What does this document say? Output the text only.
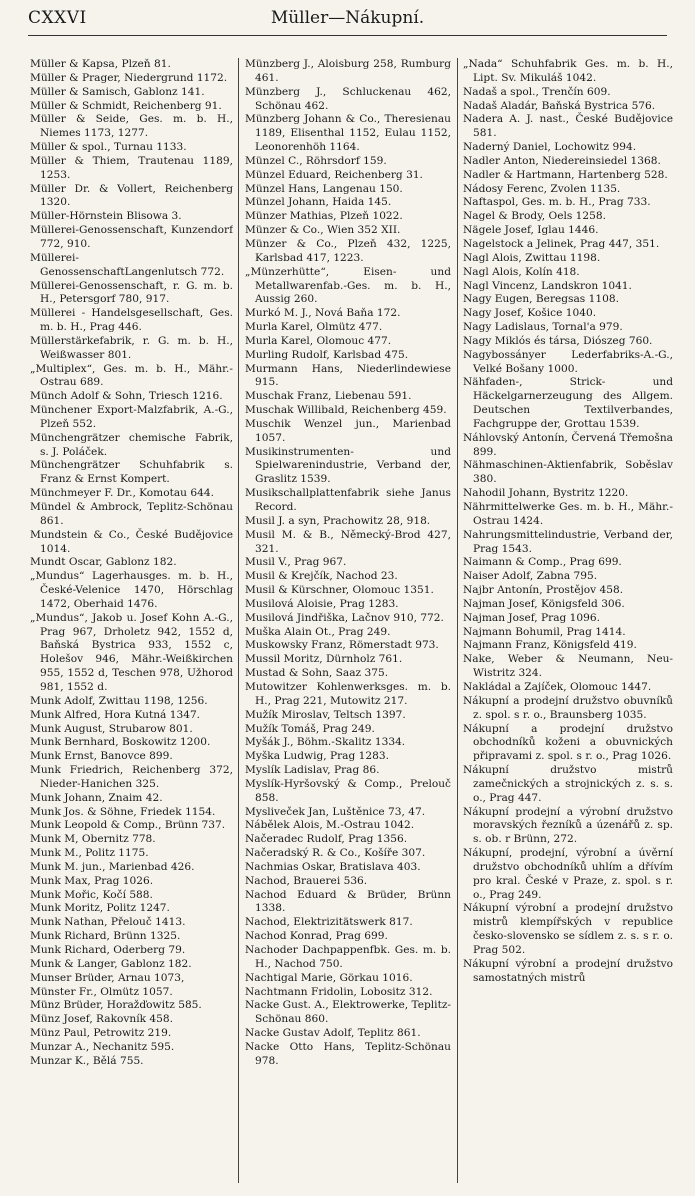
CXXVI	Müller—Nákupní.

Müller & Kapsa, Plzeň 81.

Müller & Prager, Niedergrund 1172.

Müller & Samisch, Gablonz 141.

Müller & Schmidt, Reichenberg 91.

Müller & Seide, Ges. m. b. H., Niemes 1173, 1277.

Müller & spol., Turnau 1133.

Müller & Thiem, Trautenau 1189, 1253.

Müller Dr. & Vollert, Reichenberg 1320.

Müller-Hörnstein Blisowa 3.

Müllerei-Genossenschaft, Kunzendorf 772, 910.

Müllerei-GenossenschaftLangenlutsch 772.

Müllerei-Genossenschaft, r. G. m. b. H., Petersgorf 780, 917.

Müllerei - Handelsgesellschaft, Ges. m. b. H., Prag 446.

Müllerstärkefabrik, r. G. m. b. H., Weißwasser 801.

„Multiplex“, Ges. m. b. H., Mähr.-Ostrau 689.

Münch Adolf & Sohn, Triesch 1216.

Münchener Export-Malzfabrik, A.-G., Plzeň 552.

Münchengrätzer chemische Fabrik, s. J. Poláček.

Münchengrätzer Schuhfabrik s. Franz & Ernst Kompert.

Münchmeyer F. Dr., Komotau 644.

Mündel & Ambrock, Teplitz-Schönau 861.

Mundstein & Co., České Budějovice 1014.

Mundt Oscar, Gablonz 182.

„Mundus“ Lagerhausges. m. b. H., České-Velenice 1470, Hörschlag 1472, Oberhaid 1476.

„Mundus“, Jakob u. Josef Kohn A.-G., Prag 967, Drholetz 942, 1552 d, Baňská Bystrica 933, 1552 c, Holešov 946, Mähr.-Weißkirchen 955, 1552 d, Teschen 978, Užhorod 981, 1552 d.

Munk Adolf, Zwittau 1198, 1256.

Munk Alfred, Hora Kutná 1347.

Munk August, Strubarow 801.

Munk Bernhard, Boskowitz 1200.

Munk Ernst, Banovce 899.

Munk Friedrich, Reichenberg 372, Nieder-Hanichen 325.

Munk Johann, Znaim 42.

Munk Jos. & Söhne, Friedek 1154.

Munk Leopold & Comp., Brünn 737.

Munk M, Obernitz 778.

Munk M., Politz 1175.

Munk M. jun., Marienbad 426.

Munk Max, Prag 1026.

Munk Mořic, Kočí 588.

Munk Moritz, Politz 1247.

Munk Nathan, Přelouč 1413.

Munk Richard, Brünn 1325.

Munk Richard, Oderberg 79.

Munk & Langer, Gablonz 182.

Munser Brüder, Arnau 1073,

Münster Fr., Olmütz 1057.

Münz Brüder, Horažďowitz 585.

Münz Josef, Rakovník 458.

Münz Paul, Petrowitz 219.

Munzar A., Nechanitz 595.

Munzar K., Bělá 755.

Münzberg J., Aloisburg 258, Rumburg 461.

Münzberg J., Schluckenau 462, Schönau 462.

Münzberg Johann & Co., Theresienau 1189, Elisenthal 1152, Eulau 1152, Leonorenhöh 1164.

Münzel C., Röhrsdorf 159.

Münzel Eduard, Reichenberg 31.

Münzel Hans, Langenau 150.

Münzel Johann, Haida 145.

Münzer Mathias, Plzeň 1022.

Münzer & Co., Wien 352 XII.

Münzer & Co., Plzeň 432, 1225, Karlsbad 417, 1223.

„Münzerhütte“, Eisen- und Metallwarenfab.-Ges. m. b. H., Aussig 260.

Murkó M. J., Nová Baňa 172.

Murla Karel, Olmütz 477.

Murla Karel, Olomouc 477.

Murling Rudolf, Karlsbad 475.

Murmann Hans, Niederlindewiese 915.

Muschak Franz, Liebenau 591.

Muschak Willibald, Reichenberg 459.

Muschik Wenzel jun., Marienbad 1057.

Musikinstrumenten- und Spielwarenindustrie, Verband der, Graslitz 1539.

Musikschallplattenfabrik siehe Janus Record.

Musil J. a syn, Prachowitz 28, 918.

Musil M. & B., Německý-Brod 427, 321.

Musil V., Prag 967.

Musil & Krejčík, Nachod 23.

Musil & Kürschner, Olomouc 1351.

Musilová Aloisie, Prag 1283.

Musilová Jindřiška, Lačnov 910, 772.

Muška Alain Ot., Prag 249.

Muskowsky Franz, Römerstadt 973.

Mussil Moritz, Dürnholz 761.

Mustad & Sohn, Saaz 375.

Mutowitzer Kohlenwerksges. m. b. H., Prag 221, Mutowitz 217.

Mužík Miroslav, Teltsch 1397.

Mužík Tomáš, Prag 249.

Myšák J., Böhm.-Skalitz 1334.

Myška Ludwig, Prag 1283.

Myslík Ladislav, Prag 86.

Myslík-Hyršovský & Comp., Prelouč 858.

Mysliveček Jan, Luštěnice 73, 47.

Nábělek Alois, M.-Ostrau 1042.

Načeradec Rudolf, Prag 1356.

Načeradský R. & Co., Košíře 307.

Nachmias Oskar, Bratislava 403.

Nachod, Brauerei 536.

Nachod Eduard & Brüder, Brünn 1338.

Nachod, Elektrizitätswerk 817.

Nachod Konrad, Prag 699.

Nachoder Dachpappenfbk. Ges. m. b. H., Nachod 750.

Nachtigal Marie, Görkau 1016.

Nachtmann Fridolin, Lobositz 312.

Nacke Gust. A., Elektrowerke, Teplitz-Schönau 860.

Nacke Gustav Adolf, Teplitz 861.

Nacke Otto Hans, Teplitz-Schönau 978.

„Nada“ Schuhfabrik Ges. m. b. H., Lipt. Sv. Mikuláš 1042.

Nadaš a spol., Trenčín 609.

Nadaš Aladár, Baňská Bystrica 576.

Nadera A. J. nast., České Budějovice 581.

Naderný Daniel, Lochowitz 994.

Nadler Anton, Niedereinsiedel 1368.

Nadler & Hartmann, Hartenberg 528.

Nádosy Ferenc, Zvolen 1135.

Naftaspol, Ges. m. b. H., Prag 733.

Nagel & Brody, Oels 1258.

Nägele Josef, Iglau 1446.

Nagelstock a Jelinek, Prag 447, 351.

Nagl Alois, Zwittau 1198.

Nagl Alois, Kolín 418.

Nagl Vincenz, Landskron 1041.

Nagy Eugen, Beregsas 1108.

Nagy Josef, Košice 1040.

Nagy Ladislaus, Tornal'a 979.

Nagy Miklós és társa, Diószeg 760.

Nagybossányer Lederfabriks-A.-G., Velké Bošany 1000.

Nähfaden-, Strick- und Häckelgarnerzeugung des Allgem. Deutschen Textilverbandes, Fachgruppe der, Grottau 1539.

Náhlovský Antonín, Červená Třemošna 899.

Nähmaschinen-Aktienfabrik, Soběslav 380.

Nahodil Johann, Bystritz 1220.

Nährmittelwerke Ges. m. b. H., Mähr.-Ostrau 1424.

Nahrungsmittelindustrie, Verband der, Prag 1543.

Naimann & Comp., Prag 699.

Naiser Adolf, Zabna 795.

Najbr Antonín, Prostějov 458.

Najman Josef, Königsfeld 306.

Najman Josef, Prag 1096.

Najmann Bohumil, Prag 1414.

Najmann Franz, Königsfeld 419.

Nake, Weber & Neumann, Neu-Wistritz 324.

Nakládal a Zajíček, Olomouc 1447.

Nákupní a prodejní družstvo obuvníků z. spol. s r. o., Braunsberg 1035.

Nákupní a prodejní družstvo obchodníků koženi a obuvnických připravami z. spol. s r. o., Prag 1026.

Nákupní družstvo mistrů zamečnických a strojnických z. s. s. o., Prag 447.

Nákupní prodejní a výrobní družstvo moravských řezníků a úzenářů z. sp. s. ob. r Brünn, 272.

Nákupní, prodejní, výrobní a úvěrní družstvo obchodníků uhlím a dřívím pro kral. České v Praze, z. spol. s r. o., Prag 249.

Nákupní výrobní a prodejní družstvo mistrů klempířských v republice česko-slovensko se sídlem z. s. s r. o. Prag 502.

Nákupní výrobní a prodejní družstvo samostatných mistrů
